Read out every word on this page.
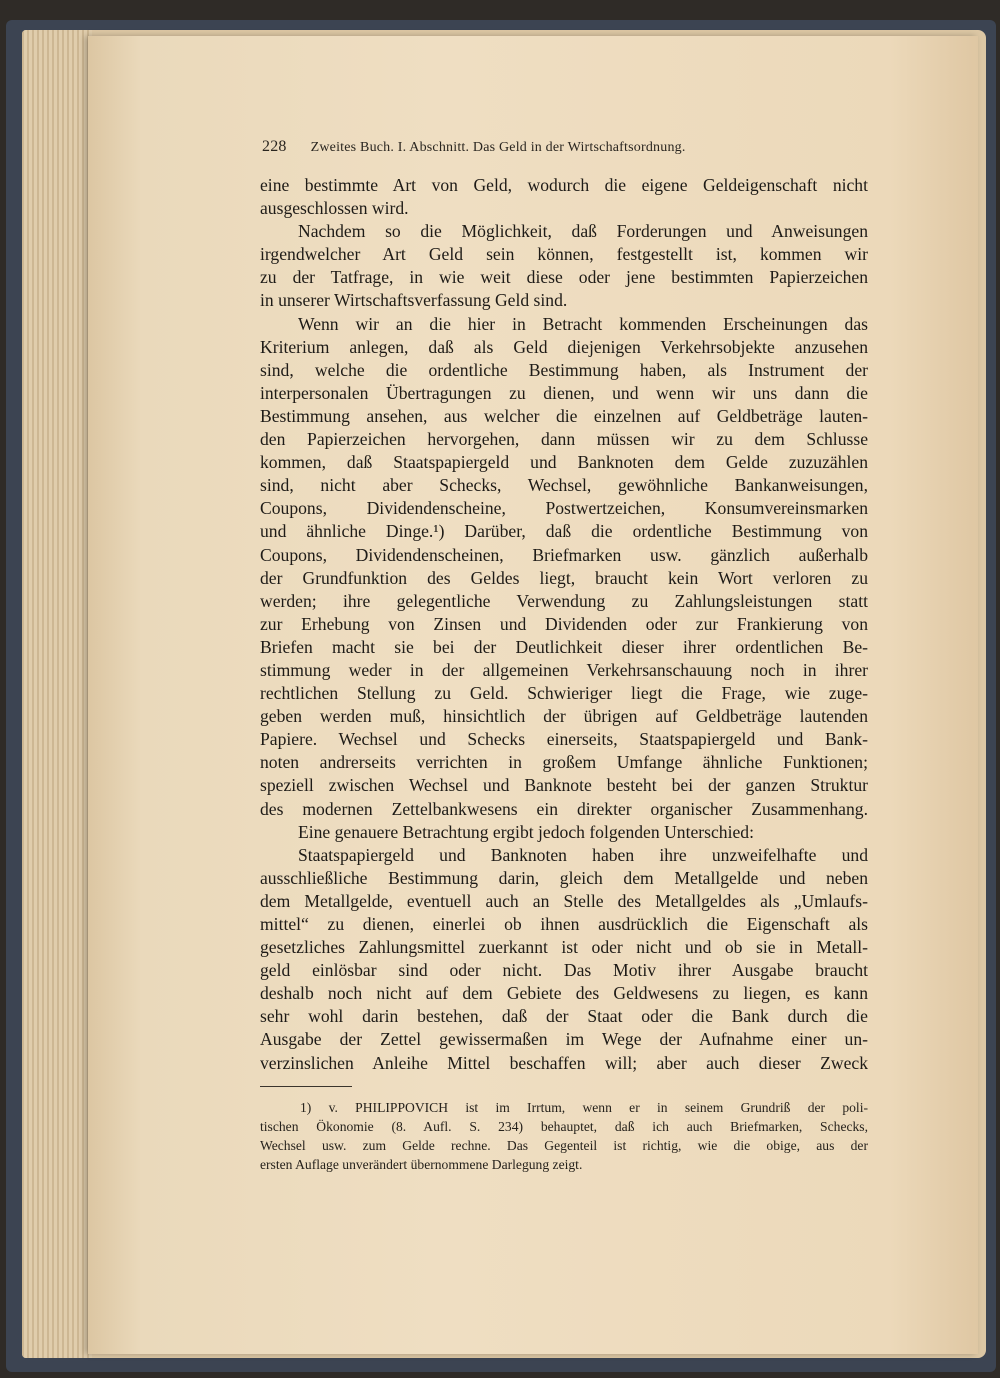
228 Zweites Buch. I. Abschnitt. Das Geld in der Wirtschaftsordnung.
eine bestimmte Art von Geld, wodurch die eigene Geldeigenschaft nicht
ausgeschlossen wird.
Nachdem so die Möglichkeit, daß Forderungen und Anweisungen
irgendwelcher Art Geld sein können, festgestellt ist, kommen wir
zu der Tatfrage, in wie weit diese oder jene bestimmten Papierzeichen
in unserer Wirtschaftsverfassung Geld sind.
Wenn wir an die hier in Betracht kommenden Erscheinungen das
Kriterium anlegen, daß als Geld diejenigen Verkehrsobjekte anzusehen
sind, welche die ordentliche Bestimmung haben, als Instrument der
interpersonalen Übertragungen zu dienen, und wenn wir uns dann die
Bestimmung ansehen, aus welcher die einzelnen auf Geldbeträge lauten-
den Papierzeichen hervorgehen, dann müssen wir zu dem Schlusse
kommen, daß Staatspapiergeld und Banknoten dem Gelde zuzuzählen
sind, nicht aber Schecks, Wechsel, gewöhnliche Bankanweisungen,
Coupons, Dividendenscheine, Postwertzeichen, Konsumvereinsmarken
und ähnliche Dinge.¹) Darüber, daß die ordentliche Bestimmung von
Coupons, Dividendenscheinen, Briefmarken usw. gänzlich außerhalb
der Grundfunktion des Geldes liegt, braucht kein Wort verloren zu
werden; ihre gelegentliche Verwendung zu Zahlungsleistungen statt
zur Erhebung von Zinsen und Dividenden oder zur Frankierung von
Briefen macht sie bei der Deutlichkeit dieser ihrer ordentlichen Be-
stimmung weder in der allgemeinen Verkehrsanschauung noch in ihrer
rechtlichen Stellung zu Geld. Schwieriger liegt die Frage, wie zuge-
geben werden muß, hinsichtlich der übrigen auf Geldbeträge lautenden
Papiere. Wechsel und Schecks einerseits, Staatspapiergeld und Bank-
noten andrerseits verrichten in großem Umfange ähnliche Funktionen;
speziell zwischen Wechsel und Banknote besteht bei der ganzen Struktur
des modernen Zettelbankwesens ein direkter organischer Zusammenhang.
Eine genauere Betrachtung ergibt jedoch folgenden Unterschied:
Staatspapiergeld und Banknoten haben ihre unzweifelhafte und
ausschließliche Bestimmung darin, gleich dem Metallgelde und neben
dem Metallgelde, eventuell auch an Stelle des Metallgeldes als „Umlaufs-
mittel“ zu dienen, einerlei ob ihnen ausdrücklich die Eigenschaft als
gesetzliches Zahlungsmittel zuerkannt ist oder nicht und ob sie in Metall-
geld einlösbar sind oder nicht. Das Motiv ihrer Ausgabe braucht
deshalb noch nicht auf dem Gebiete des Geldwesens zu liegen, es kann
sehr wohl darin bestehen, daß der Staat oder die Bank durch die
Ausgabe der Zettel gewissermaßen im Wege der Aufnahme einer un-
verzinslichen Anleihe Mittel beschaffen will; aber auch dieser Zweck
1) v. PHILIPPOVICH ist im Irrtum, wenn er in seinem Grundriß der poli-
tischen Ökonomie (8. Aufl. S. 234) behauptet, daß ich auch Briefmarken, Schecks,
Wechsel usw. zum Gelde rechne. Das Gegenteil ist richtig, wie die obige, aus der
ersten Auflage unverändert übernommene Darlegung zeigt.
